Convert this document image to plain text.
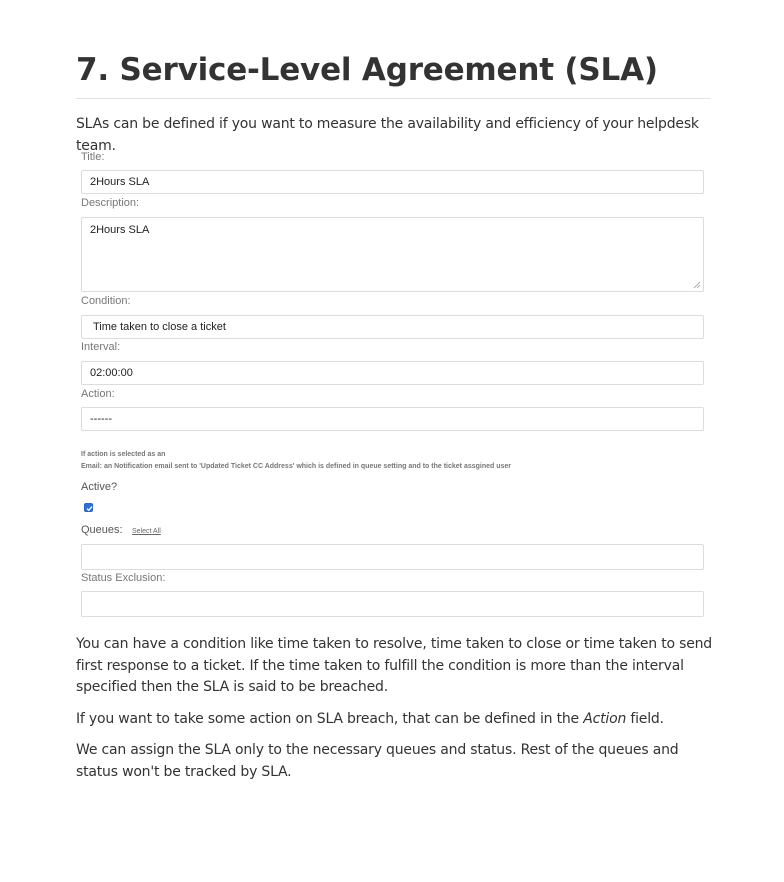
7. Service-Level Agreement (SLA)
SLAs can be defined if you want to measure the availability and efficiency of your helpdesk team.
Title:
2Hours SLA
Description:
2Hours SLA
Condition:
Time taken to close a ticket
Interval:
02:00:00
Action:
------
If action is selected as an
Email: an Notification email sent to 'Updated Ticket CC Address' which is defined in queue setting and to the ticket assgined user
Active?
Queues: Select All
Status Exclusion:
You can have a condition like time taken to resolve, time taken to close or time taken to send first response to a ticket. If the time taken to fulfill the condition is more than the interval specified then the SLA is said to be breached.
If you want to take some action on SLA breach, that can be defined in the Action field.
We can assign the SLA only to the necessary queues and status. Rest of the queues and status won't be tracked by SLA.
